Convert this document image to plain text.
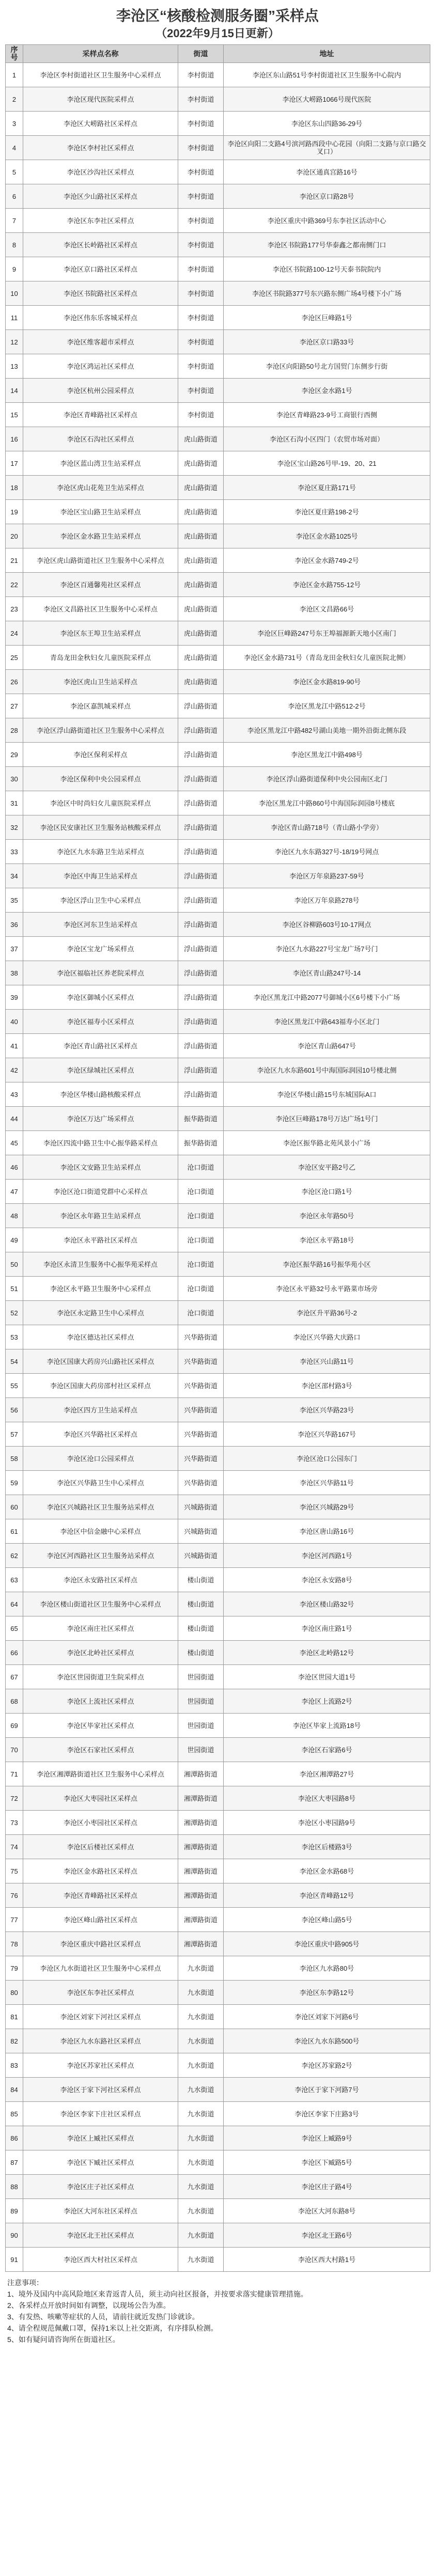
李沧区“核酸检测服务圈”采样点
（2022年9月15日更新）
序号	采样点名称	街道	地址
1	李沧区李村街道社区卫生服务中心采样点	李村街道	李沧区东山路51号李村街道社区卫生服务中心院内
2	李沧区现代医院采样点	李村街道	李沧区大崂路1066号现代医院
3	李沧区大崂路社区采样点	李村街道	李沧区东山四路36-29号
4	李沧区李村社区采样点	李村街道	李沧区向阳二支路4号滨河路西段中心花园（向阳二支路与京口路交叉口）
5	李沧区沙沟社区采样点	李村街道	李沧区通真宫路16号
6	李沧区少山路社区采样点	李村街道	李沧区京口路28号
7	李沧区东李社区采样点	李村街道	李沧区重庆中路369号东李社区活动中心
8	李沧区长岭路社区采样点	李村街道	李沧区书院路177号华泰鑫之都南侧门口
9	李沧区京口路社区采样点	李村街道	李沧区书院路100-12号天泰书院院内
10	李沧区书院路社区采样点	李村街道	李沧区书院路377号东兴路东侧广场4号楼下小广场
11	李沧区伟东乐客城采样点	李村街道	李沧区巨峰路1号
12	李沧区维客超市采样点	李村街道	李沧区京口路33号
13	李沧区鸿运社区采样点	李村街道	李沧区向阳路50号北方国贸门东侧步行街
14	李沧区杭州公园采样点	李村街道	李沧区金水路1号
15	李沧区青峰路社区采样点	李村街道	李沧区青峰路23-9号工商银行西侧
16	李沧区石沟社区采样点	虎山路街道	李沧区石沟小区四门（农贸市场对面）
17	李沧区蓝山湾卫生站采样点	虎山路街道	李沧区宝山路26号甲-19、20、21
18	李沧区虎山花苑卫生站采样点	虎山路街道	李沧区夏庄路171号
19	李沧区宝山路卫生站采样点	虎山路街道	李沧区夏庄路198-2号
20	李沧区金水路卫生站采样点	虎山路街道	李沧区金水路1025号
21	李沧区虎山路街道社区卫生服务中心采样点	虎山路街道	李沧区金水路749-2号
22	李沧区百通馨苑社区采样点	虎山路街道	李沧区金水路755-12号
23	李沧区文昌路社区卫生服务中心采样点	虎山路街道	李沧区文昌路66号
24	李沧区东王埠卫生站采样点	虎山路街道	李沧区巨峰路247号东王埠福源新天地小区南门
25	青岛龙田金秋妇女儿童医院采样点	虎山路街道	李沧区金水路731号（青岛龙田金秋妇女儿童医院北侧）
26	李沧区虎山卫生站采样点	虎山路街道	李沧区金水路819-90号
27	李沧区嘉凯城采样点	浮山路街道	李沧区黑龙江中路512-2号
28	李沧区浮山路街道社区卫生服务中心采样点	浮山路街道	李沧区黑龙江中路482号湖山美地一期外沿街北侧东段
29	李沧区保利采样点	浮山路街道	李沧区黑龙江中路498号
30	李沧区保利中央公园采样点	浮山路街道	李沧区浮山路街道保利中央公园南区北门
31	李沧区中时尚妇女儿童医院采样点	浮山路街道	李沧区黑龙江中路860号中海国际润园8号楼底
32	李沧区民安康社区卫生服务站核酸采样点	浮山路街道	李沧区青山路718号（青山路小学旁）
33	李沧区九水东路卫生站采样点	浮山路街道	李沧区九水东路327号-18/19号网点
34	李沧区中海卫生站采样点	浮山路街道	李沧区万年泉路237-59号
35	李沧区浮山卫生中心采样点	浮山路街道	李沧区万年泉路278号
36	李沧区河东卫生站采样点	浮山路街道	李沧区谷柳路603号10-17网点
37	李沧区宝龙广场采样点	浮山路街道	李沧区九水路227号宝龙广场7号门
38	李沧区福临社区养老院采样点	浮山路街道	李沧区青山路247号-14
39	李沧区御城小区采样点	浮山路街道	李沧区黑龙江中路2077号御城小区6号楼下小广场
40	李沧区福寿小区采样点	浮山路街道	李沧区黑龙江中路643福寿小区北门
41	李沧区青山路社区采样点	浮山路街道	李沧区青山路647号
42	李沧区绿城社区采样点	浮山路街道	李沧区九水东路601号中海国际润园10号楼北侧
43	李沧区华楼山路核酸采样点	浮山路街道	李沧区华楼山路15号东城国际A口
44	李沧区万达广场采样点	振华路街道	李沧区巨峰路178号万达广场1号门
45	李沧区四流中路卫生中心振华路采样点	振华路街道	李沧区振华路北苑风景小广场
46	李沧区文安路卫生站采样点	沧口街道	李沧区安平路2号乙
47	李沧区沧口街道党群中心采样点	沧口街道	李沧区沧口路1号
48	李沧区永年路卫生站采样点	沧口街道	李沧区永年路50号
49	李沧区永平路社区采样点	沧口街道	李沧区永平路18号
50	李沧区永清卫生服务中心振华苑采样点	沧口街道	李沧区振华路16号振华苑小区
51	李沧区永平路卫生服务中心采样点	沧口街道	李沧区永平路32号永平路菜市场旁
52	李沧区永定路卫生中心采样点	沧口街道	李沧区升平路36号-2
53	李沧区德达社区采样点	兴华路街道	李沧区兴华路大庆路口
54	李沧区国康大药房兴山路社区采样点	兴华路街道	李沧区兴山路11号
55	李沧区国康大药房邵村社区采样点	兴华路街道	李沧区邵村路3号
56	李沧区四方卫生站采样点	兴华路街道	李沧区兴华路23号
57	李沧区兴华路社区采样点	兴华路街道	李沧区兴华路167号
58	李沧区沧口公园采样点	兴华路街道	李沧区沧口公园东门
59	李沧区兴华路卫生中心采样点	兴华路街道	李沧区兴华路11号
60	李沧区兴城路社区卫生服务站采样点	兴城路街道	李沧区兴城路29号
61	李沧区中信金融中心采样点	兴城路街道	李沧区唐山路16号
62	李沧区河西路社区卫生服务站采样点	兴城路街道	李沧区河西路1号
63	李沧区永安路社区采样点	楼山街道	李沧区永安路8号
64	李沧区楼山街道社区卫生服务中心采样点	楼山街道	李沧区楼山路32号
65	李沧区南庄社区采样点	楼山街道	李沧区南庄路1号
66	李沧区北岭社区采样点	楼山街道	李沧区北岭路12号
67	李沧区世园街道卫生院采样点	世园街道	李沧区世园大道1号
68	李沧区上流社区采样点	世园街道	李沧区上流路2号
69	李沧区毕家社区采样点	世园街道	李沧区毕家上流路18号
70	李沧区石家社区采样点	世园街道	李沧区石家路6号
71	李沧区湘潭路街道社区卫生服务中心采样点	湘潭路街道	李沧区湘潭路27号
72	李沧区大枣园社区采样点	湘潭路街道	李沧区大枣园路8号
73	李沧区小枣园社区采样点	湘潭路街道	李沧区小枣园路9号
74	李沧区后楼社区采样点	湘潭路街道	李沧区后楼路3号
75	李沧区金水路社区采样点	湘潭路街道	李沧区金水路68号
76	李沧区青峰路社区采样点	湘潭路街道	李沧区青峰路12号
77	李沧区峰山路社区采样点	湘潭路街道	李沧区峰山路5号
78	李沧区重庆中路社区采样点	湘潭路街道	李沧区重庆中路905号
79	李沧区九水街道社区卫生服务中心采样点	九水街道	李沧区九水路80号
80	李沧区东李社区采样点	九水街道	李沧区东李路12号
81	李沧区刘家下河社区采样点	九水街道	李沧区刘家下河路6号
82	李沧区九水东路社区采样点	九水街道	李沧区九水东路500号
83	李沧区苏家社区采样点	九水街道	李沧区苏家路2号
84	李沧区于家下河社区采样点	九水街道	李沧区于家下河路7号
85	李沧区李家下庄社区采样点	九水街道	李沧区李家下庄路3号
86	李沧区上臧社区采样点	九水街道	李沧区上臧路9号
87	李沧区下臧社区采样点	九水街道	李沧区下臧路5号
88	李沧区庄子社区采样点	九水街道	李沧区庄子路4号
89	李沧区大河东社区采样点	九水街道	李沧区大河东路8号
90	李沧区北王社区采样点	九水街道	李沧区北王路6号
91	李沧区西大村社区采样点	九水街道	李沧区西大村路1号
注意事项：
1、境外及国内中高风险地区来青返青人员，须主动向社区报备，并按要求落实健康管理措施。
2、各采样点开放时间如有调整，以现场公告为准。
3、有发热、咳嗽等症状的人员，请前往就近发热门诊就诊。
4、请全程规范佩戴口罩，保持1米以上社交距离，有序排队检测。
5、如有疑问请咨询所在街道社区。
